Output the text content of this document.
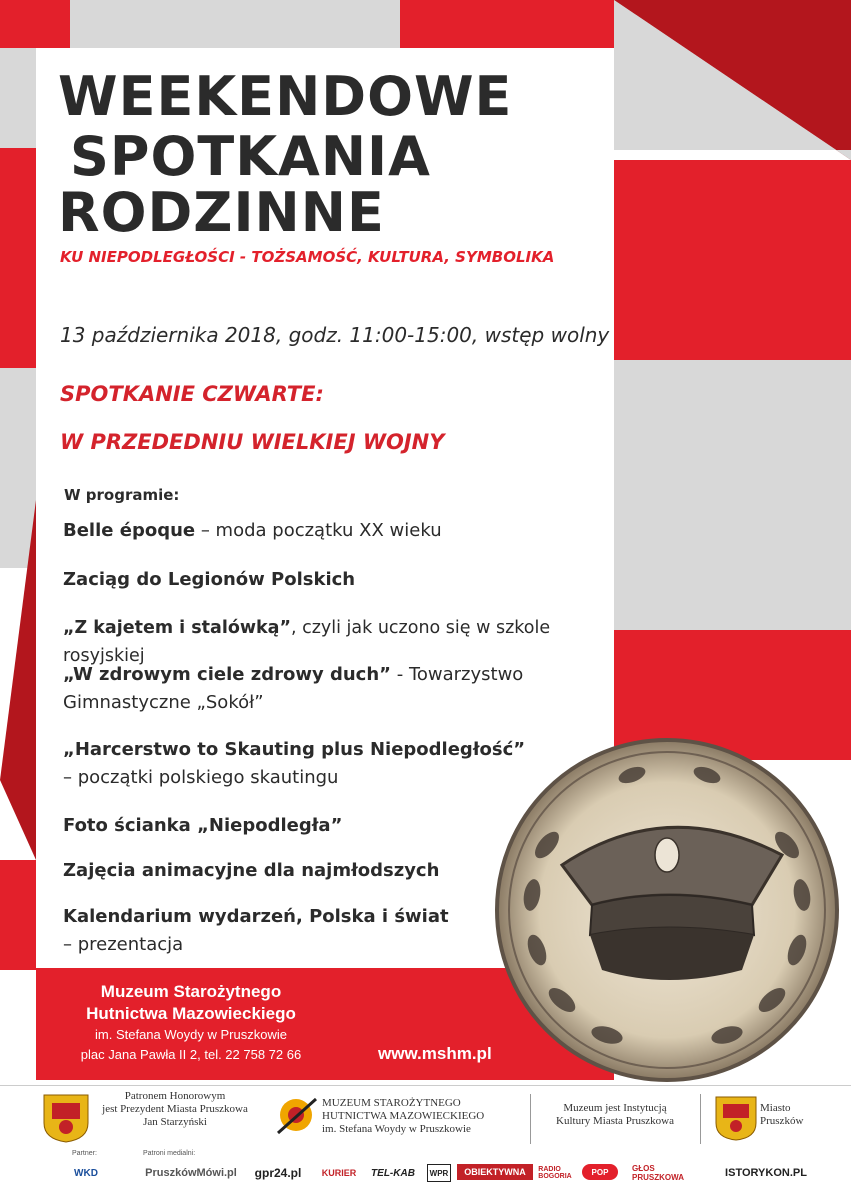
WEEKENDOWE
SPOTKANIA
RODZINNE
KU NIEPODLEGŁOŚCI - TOŻSAMOŚĆ, KULTURA, SYMBOLIKA
13 października 2018, godz. 11:00-15:00, wstęp wolny
SPOTKANIE CZWARTE:
W PRZEDEDNIU WIELKIEJ WOJNY
W programie:
Belle époque – moda początku XX wieku
Zaciąg do Legionów Polskich
„Z kajetem i stalówką”, czyli jak uczono się w szkole rosyjskiej
„W zdrowym ciele zdrowy duch” - Towarzystwo
Gimnastyczne „Sokół”
„Harcerstwo to Skauting plus Niepodległość”
– początki polskiego skautingu
Foto ścianka „Niepodległa”
Zajęcia animacyjne dla najmłodszych
Kalendarium wydarzeń, Polska i świat
– prezentacja
Muzeum Starożytnego
Hutnictwa Mazowieckiego
im. Stefana Woydy w Pruszkowie
plac Jana Pawła II 2, tel. 22 758 72 66	www.mshm.pl
Patronem Honorowym
jest Prezydent Miasta Pruszkowa
Jan Starzyński
MUZEUM STAROŻYTNEGO
HUTNICTWA MAZOWIECKIEGO
im. Stefana Woydy w Pruszkowie
Muzeum jest Instytucją
Kultury Miasta Pruszkowa
Miasto
Pruszków
Partner:	Patroni medialni:
WKD	PruszkówMówi.pl	gpr24.pl	KURIER	TEL-KAB	WPR	OBIEKTYWNA	RADIO BOGORIA	POP	GŁOS PRUSZKOWA	ISTORYKON.PL
